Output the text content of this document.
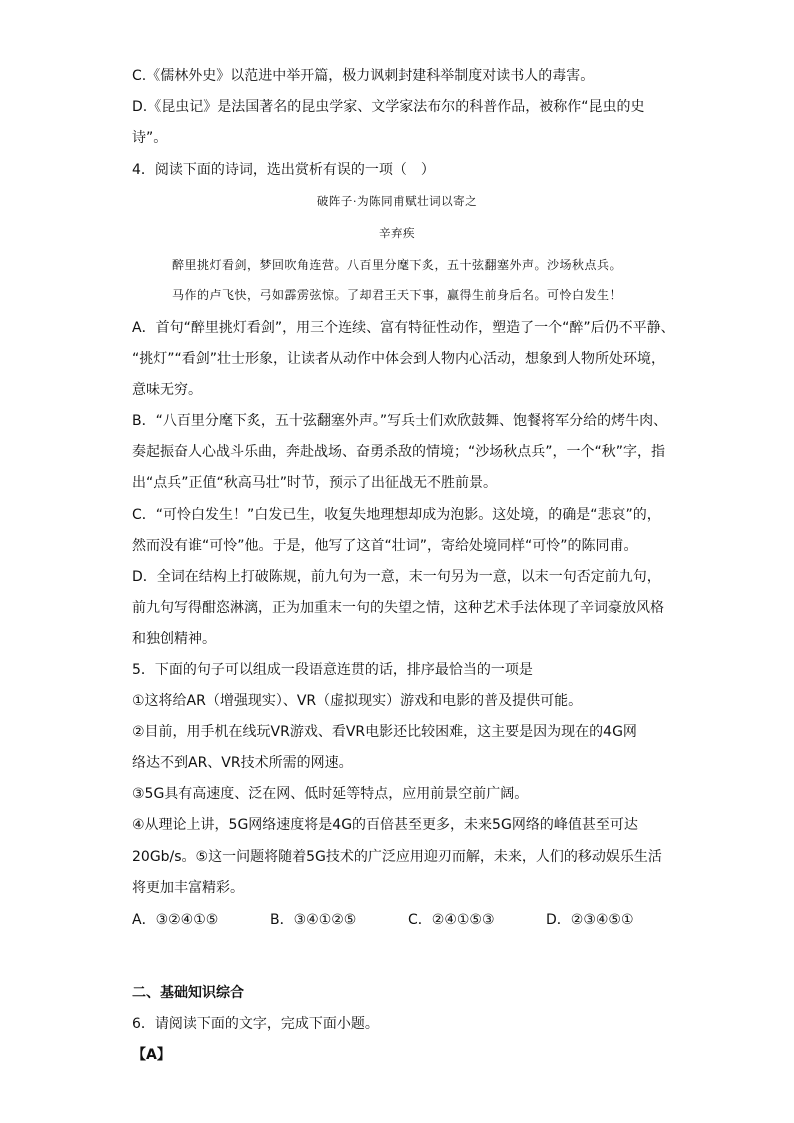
C.《儒林外史》以范进中举开篇，极力讽刺封建科举制度对读书人的毒害。
D.《昆虫记》是法国著名的昆虫学家、文学家法布尔的科普作品，被称作“昆虫的史
诗”。
4．阅读下面的诗词，选出赏析有误的一项（　）
破阵子·为陈同甫赋壮词以寄之
辛弃疾
醉里挑灯看剑，梦回吹角连营。八百里分麾下炙，五十弦翻塞外声。沙场秋点兵。
马作的卢飞快，弓如霹雳弦惊。了却君王天下事，赢得生前身后名。可怜白发生！
A．首句“醉里挑灯看剑”，用三个连续、富有特征性动作，塑造了一个“醉”后仍不平静、
“挑灯”“看剑”壮士形象，让读者从动作中体会到人物内心活动，想象到人物所处环境，
意味无穷。
B．“八百里分麾下炙，五十弦翻塞外声。”写兵士们欢欣鼓舞、饱餐将军分给的烤牛肉、
奏起振奋人心战斗乐曲，奔赴战场、奋勇杀敌的情境；“沙场秋点兵”，一个“秋”字，指
出“点兵”正值“秋高马壮”时节，预示了出征战无不胜前景。
C．“可怜白发生！”白发已生，收复失地理想却成为泡影。这处境，的确是“悲哀”的，
然而没有谁“可怜”他。于是，他写了这首“壮词”，寄给处境同样“可怜”的陈同甫。
D．全词在结构上打破陈规，前九句为一意，末一句另为一意，以末一句否定前九句，
前九句写得酣恣淋漓，正为加重末一句的失望之情，这种艺术手法体现了辛词豪放风格
和独创精神。
5．下面的句子可以组成一段语意连贯的话，排序最恰当的一项是
①这将给AR（增强现实）、VR（虚拟现实）游戏和电影的普及提供可能。
②目前，用手机在线玩VR游戏、看VR电影还比较困难，这主要是因为现在的4G网
络达不到AR、VR技术所需的网速。
③5G具有高速度、泛在网、低时延等特点，应用前景空前广阔。
④从理论上讲，5G网络速度将是4G的百倍甚至更多，未来5G网络的峰值甚至可达
20Gb/s。⑤这一问题将随着5G技术的广泛应用迎刃而解，未来，人们的移动娱乐生活
将更加丰富精彩。
A．③②④①⑤	B．③④①②⑤	C．②④①⑤③	D．②③④⑤①
二、基础知识综合
6．请阅读下面的文字，完成下面小题。
【A】
